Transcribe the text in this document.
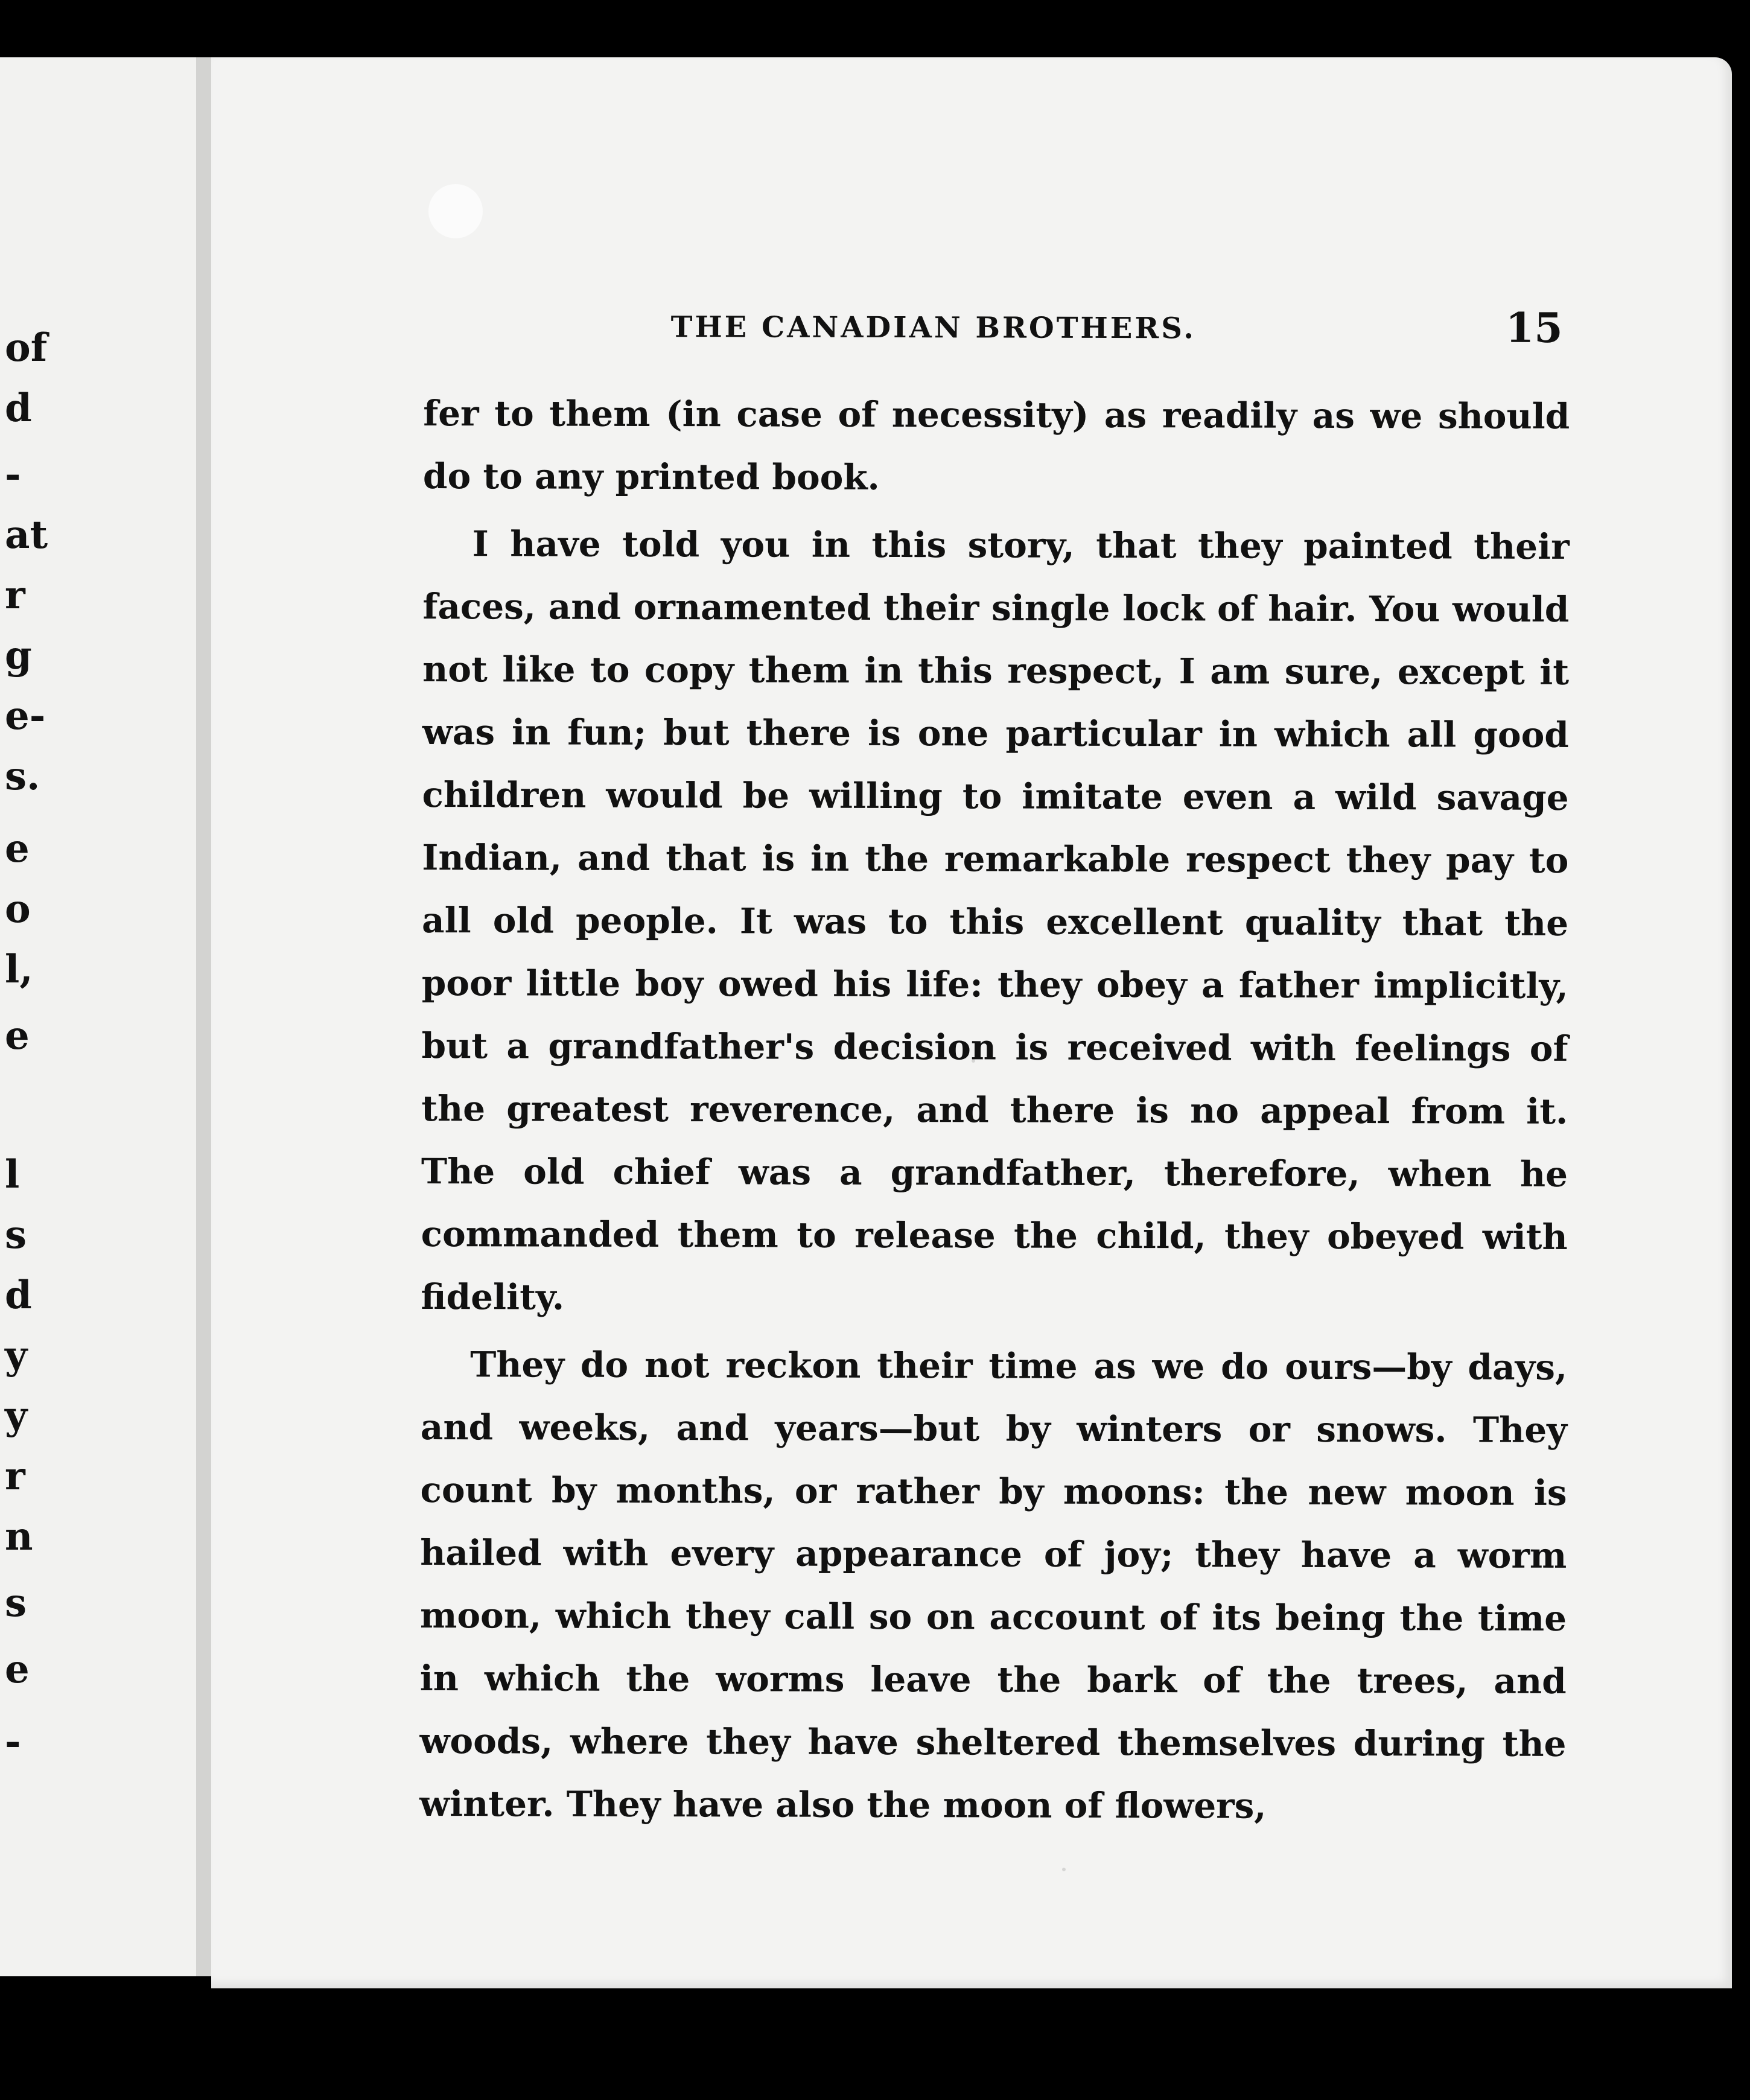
of
d
-
at
r
g
e-
s.
e
o
l,
e
l
s
d
y
y
r
n
s
e
-
THE CANADIAN BROTHERS.	15

fer to them (in case of necessity) as readily as we should do to any printed book.

I have told you in this story, that they painted their faces, and ornamented their single lock of hair. You would not like to copy them in this respect, I am sure, except it was in fun; but there is one particular in which all good children would be willing to imitate even a wild savage Indian, and that is in the remarkable respect they pay to all old people. It was to this excellent quality that the poor little boy owed his life: they obey a father implicitly, but a grandfather's decision is received with feelings of the greatest reverence, and there is no appeal from it. The old chief was a grandfather, therefore, when he commanded them to release the child, they obeyed with fidelity.

They do not reckon their time as we do ours—by days, and weeks, and years—but by winters or snows. They count by months, or rather by moons: the new moon is hailed with every appearance of joy; they have a worm moon, which they call so on account of its being the time in which the worms leave the bark of the trees, and woods, where they have sheltered themselves during the winter. They have also the moon of flowers,
